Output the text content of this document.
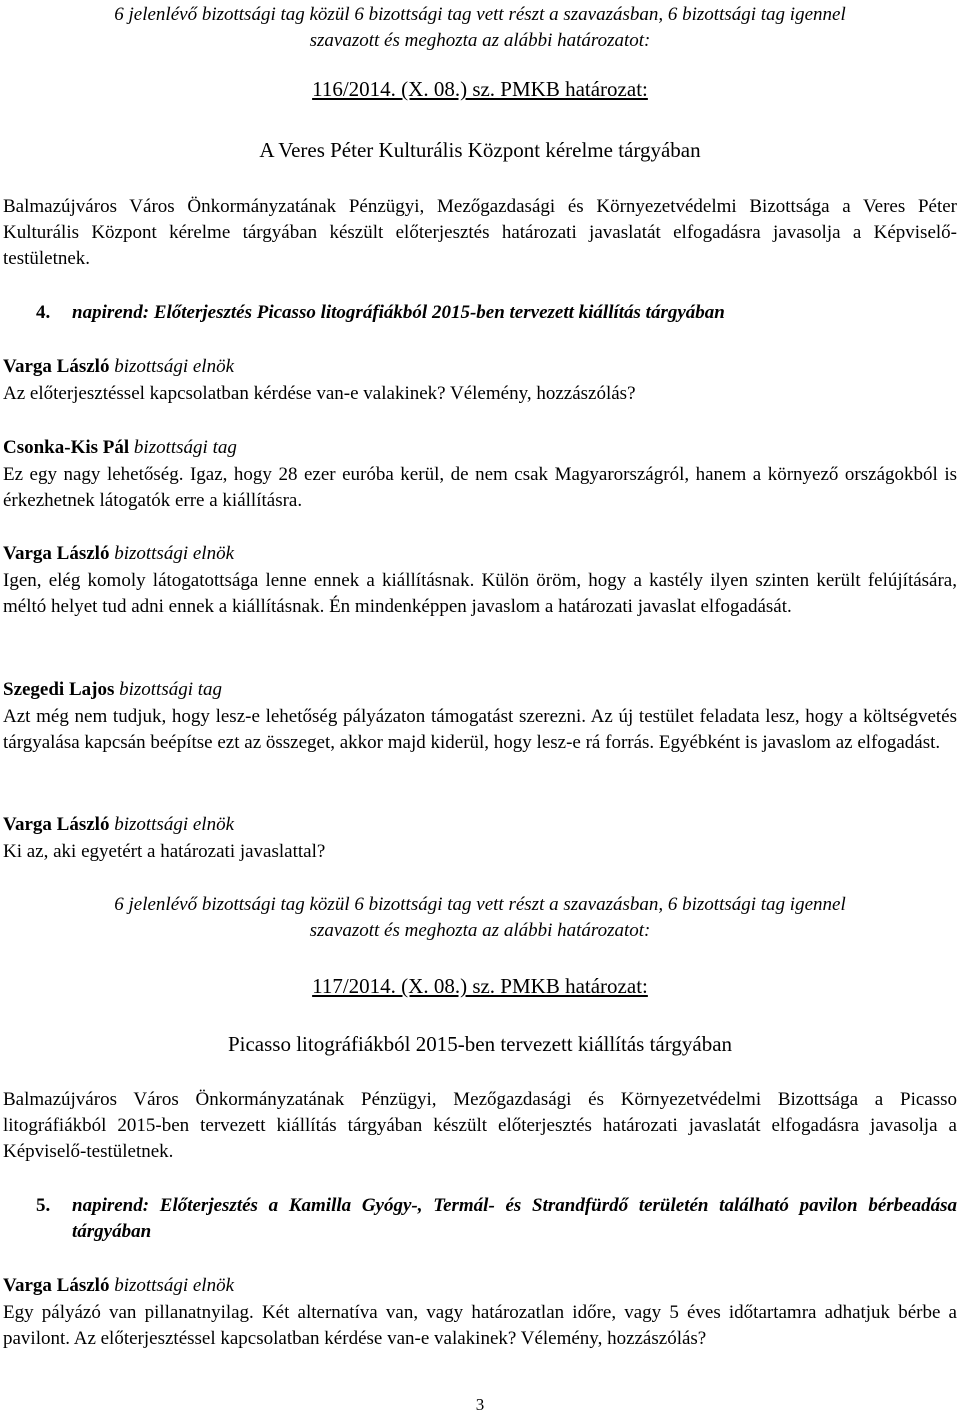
6 jelenlévő bizottsági tag közül 6 bizottsági tag vett részt a szavazásban, 6 bizottsági tag igennel
szavazott és meghozta az alábbi határozatot:
116/2014. (X. 08.) sz. PMKB határozat:
A Veres Péter Kulturális Központ kérelme tárgyában
Balmazújváros Város Önkormányzatának Pénzügyi, Mezőgazdasági és Környezetvédelmi Bizottsága a Veres Péter Kulturális Központ kérelme tárgyában készült előterjesztés határozati javaslatát elfogadásra javasolja a Képviselő-testületnek.
4.	napirend: Előterjesztés Picasso litográfiákból 2015-ben tervezett kiállítás tárgyában
Varga László bizottsági elnök
Az előterjesztéssel kapcsolatban kérdése van-e valakinek? Vélemény, hozzászólás?
Csonka-Kis Pál bizottsági tag
Ez egy nagy lehetőség. Igaz, hogy 28 ezer euróba kerül, de nem csak Magyarországról, hanem a környező országokból is érkezhetnek látogatók erre a kiállításra.
Varga László bizottsági elnök
Igen, elég komoly látogatottsága lenne ennek a kiállításnak. Külön öröm, hogy a kastély ilyen szinten került felújítására, méltó helyet tud adni ennek a kiállításnak. Én mindenképpen javaslom a határozati javaslat elfogadását.
Szegedi Lajos bizottsági tag
Azt még nem tudjuk, hogy lesz-e lehetőség pályázaton támogatást szerezni. Az új testület feladata lesz, hogy a költségvetés tárgyalása kapcsán beépítse ezt az összeget, akkor majd kiderül, hogy lesz-e rá forrás. Egyébként is javaslom az elfogadást.
Varga László bizottsági elnök
Ki az, aki egyetért a határozati javaslattal?
6 jelenlévő bizottsági tag közül 6 bizottsági tag vett részt a szavazásban, 6 bizottsági tag igennel
szavazott és meghozta az alábbi határozatot:
117/2014. (X. 08.) sz. PMKB határozat:
Picasso litográfiákból 2015-ben tervezett kiállítás tárgyában
Balmazújváros Város Önkormányzatának Pénzügyi, Mezőgazdasági és Környezetvédelmi Bizottsága a Picasso litográfiákból 2015-ben tervezett kiállítás tárgyában készült előterjesztés határozati javaslatát elfogadásra javasolja a Képviselő-testületnek.
5.	napirend: Előterjesztés a Kamilla Gyógy-, Termál- és Strandfürdő területén található pavilon bérbeadása tárgyában
Varga László bizottsági elnök
Egy pályázó van pillanatnyilag. Két alternatíva van, vagy határozatlan időre, vagy 5 éves időtartamra adhatjuk bérbe a pavilont. Az előterjesztéssel kapcsolatban kérdése van-e valakinek? Vélemény, hozzászólás?
3
